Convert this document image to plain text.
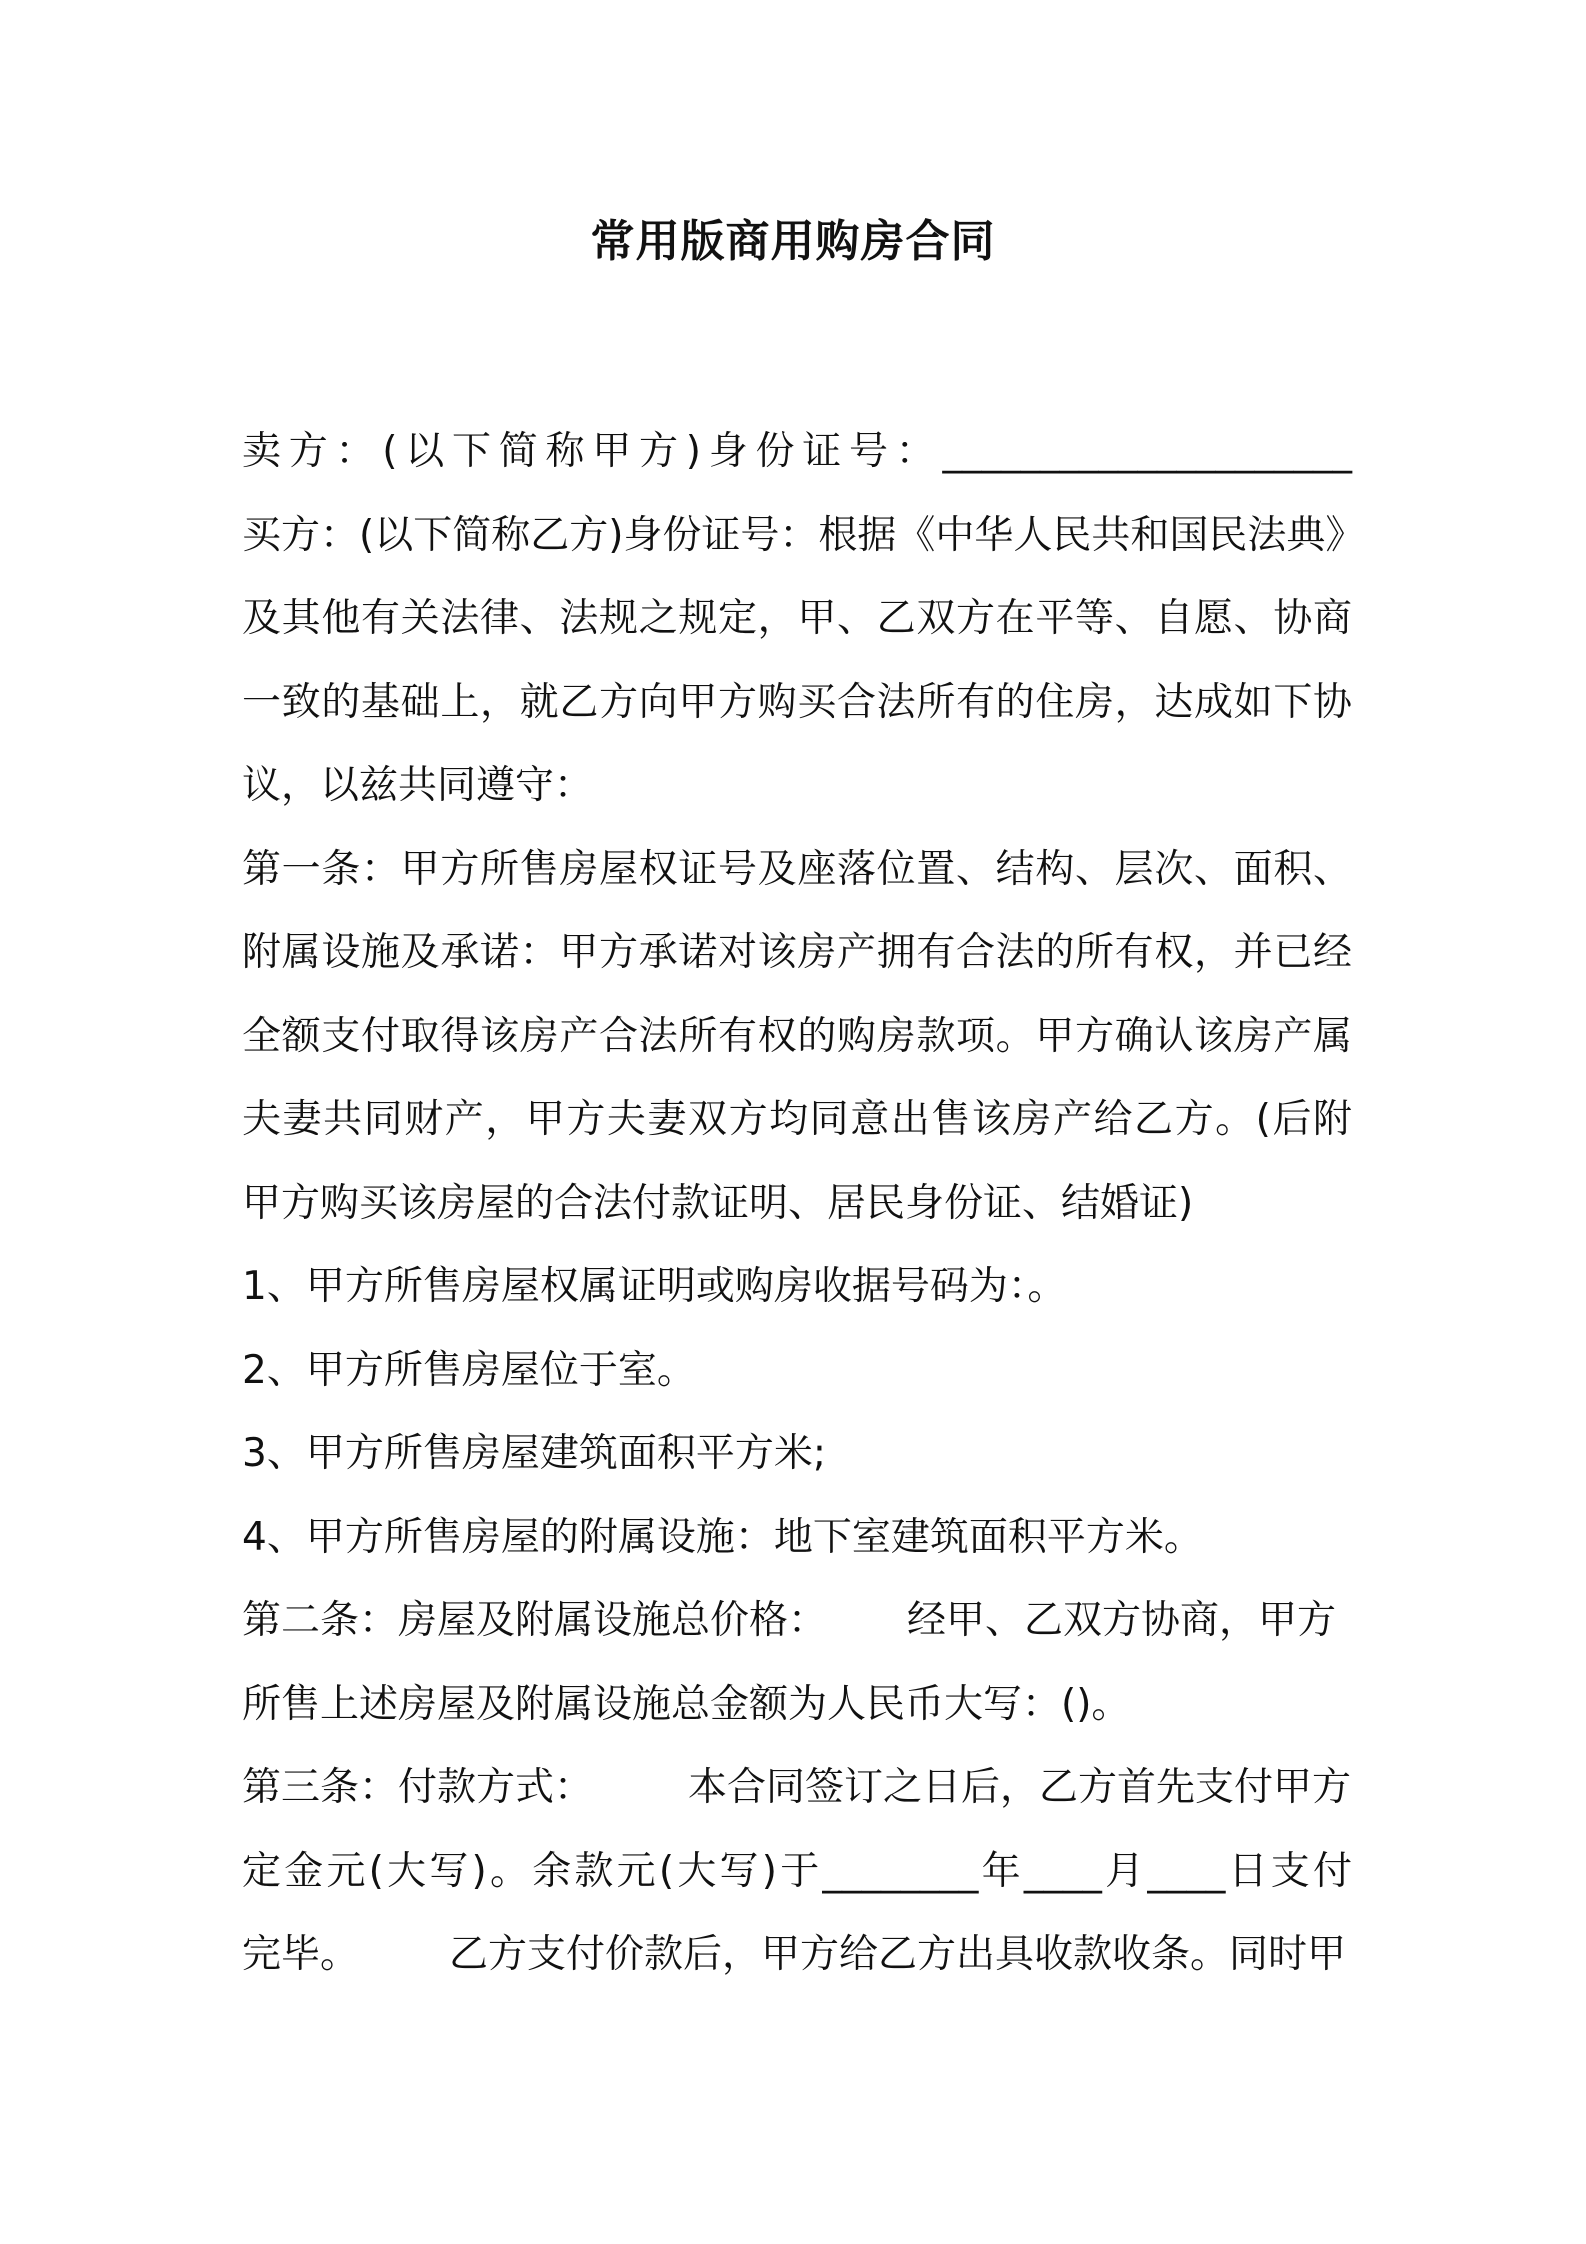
常用版商用购房合同
卖方：(以下简称甲方)身份证号：_____________________
买方：(以下简称乙方)身份证号：根据《中华人民共和国民法典》
及其他有关法律、法规之规定，甲、乙双方在平等、自愿、协商
一致的基础上，就乙方向甲方购买合法所有的住房，达成如下协
议，以兹共同遵守：
第一条：甲方所售房屋权证号及座落位置、结构、层次、面积、
附属设施及承诺：甲方承诺对该房产拥有合法的所有权，并已经
全额支付取得该房产合法所有权的购房款项。甲方确认该房产属
夫妻共同财产，甲方夫妻双方均同意出售该房产给乙方。(后附
甲方购买该房屋的合法付款证明、居民身份证、结婚证)
1、甲方所售房屋权属证明或购房收据号码为：。
2、甲方所售房屋位于室。
3、甲方所售房屋建筑面积平方米;
4、甲方所售房屋的附属设施：地下室建筑面积平方米。
第二条：房屋及附属设施总价格： 经甲、乙双方协商，甲方
所售上述房屋及附属设施总金额为人民币大写：()。
第三条：付款方式： 本合同签订之日后，乙方首先支付甲方
定金元(大写)。余款元(大写)于________年____月____日支付
完毕。 乙方支付价款后，甲方给乙方出具收款收条。同时甲
